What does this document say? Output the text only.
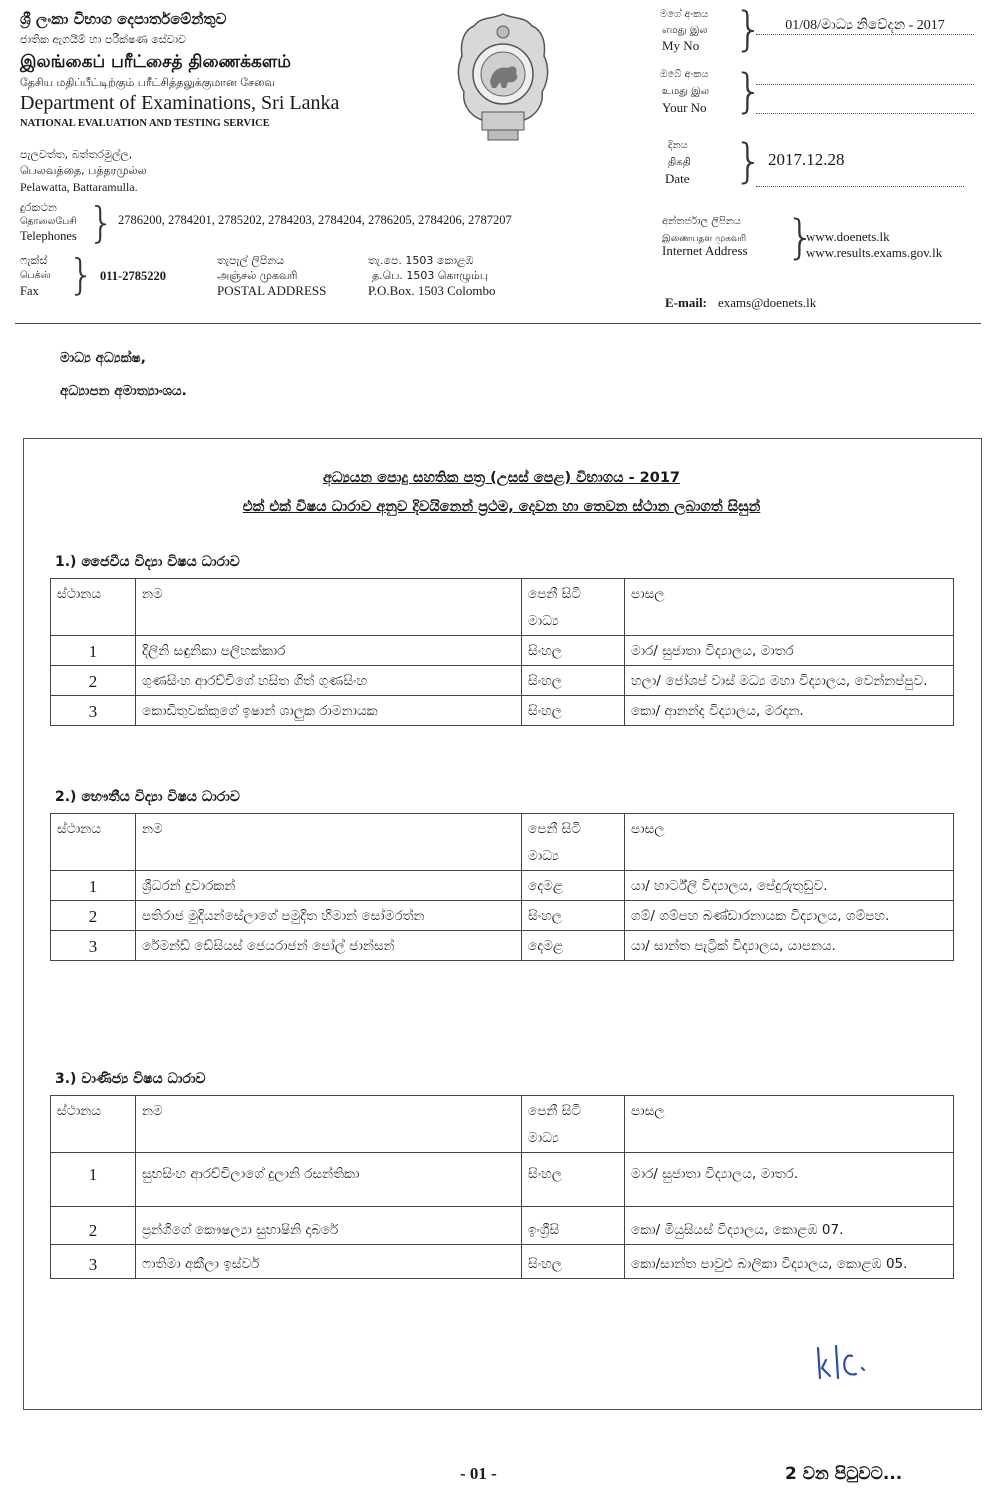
ශ්‍රී ලංකා විභාග දෙපාර්තමේන්තුව
ජාතික ඇගයීම් හා පරීක්ෂණ සේවාව
இலங்கைப் பரீட்சைத் திணைக்களம்
தேசிய மதிப்பீட்டிற்கும் பரீட்சித்தலுக்குமான சேவை
Department of Examinations, Sri Lanka
NATIONAL EVALUATION AND TESTING SERVICE
පැලවත්ත, බත්තරමුල්ල,
பெலவத்தை, பத்தரமுல்ல
Pelawatta, Battaramulla.
දුරකථන
தொலைபேசி
Telephones } 2786200, 2784201, 2785202, 2784203, 2784204, 2786205, 2784206, 2787207
ෆැක්ස්
பெக்ஸ்
Fax } 011-2785220
තැපැල් ලිපිනය
அஞ்சல் முகவரி
POSTAL ADDRESS
තැ.පෙ. 1503 කොළඹ
த.பெ. 1503 கொழும்பு
P.O.Box. 1503 Colombo
මගේ අංකය
எமது இல
My No }	01/08/මාධ්‍ය නිවේදන - 2017
ඔබේ අංකය
உமது இல
Your No }
දිනය
திகதி
Date } 2017.12.28
අන්තර්ජාල ලිපිනය
இணையதள முகவரி
Internet Address }
www.doenets.lk
www.results.exams.gov.lk
E-mail: exams@doenets.lk
මාධ්‍ය අධ්‍යක්ෂ,
අධ්‍යාපන අමාත්‍යාංශය.
අධ්‍යයන පොදු සහතික පත්‍ර (උසස් පෙළ) විභාගය - 2017
එක් එක් විෂය ධාරාව අනුව දිවයිනෙන් ප්‍රථම, දෙවන හා තෙවන ස්ථාන ලබාගත් සිසුන්
1.) ජෛවීය විද්‍යා විෂය ධාරාව
ස්ථානය	නම	පෙනී සිටි
මාධ්‍ය	පාසල
1	දිලිනි සඳුනිකා පලිහක්කාර	සිංහල	මාර/ සුජාතා විද්‍යාලය, මාතර
2	ගුණසිංහ ආරච්චිගේ හසිත ගිත් ගුණසිංහ	සිංහල	හලා/ ජෝශප් වාස් මධ්‍ය මහා විද්‍යාලය, වෙන්නප්පුව.
3	කොඩිතුවක්කුගේ ඉෂාන් ශාලුක රාමනායක	සිංහල	කො/ ආනන්ද විද්‍යාලය, මරදාන.
2.) භෞතීය විද්‍යා විෂය ධාරාව
ස්ථානය	නම	පෙනී සිටි
මාධ්‍ය	පාසල
1	ශ්‍රීධරන් දුවාරකන්	දෙමළ	යා/ හාර්ට්ලි විද්‍යාලය, පේදුරුතුඩුව.
2	පතිරාජ මුදියන්සේලාගේ පමුදිත හිමාන් සෝමරත්න	සිංහල	ගම්/ ගම්පහ බණ්ඩාරනායක විද්‍යාලය, ගම්පහ.
3	රේමන්ඩ් ඩේසියස් ජෙයරාජන් පෝල් ජාන්සන්	දෙමළ	යා/ සාන්ත පැට්‍රික් විද්‍යාලය, යාපනය.
3.) වාණිජ්‍ය විෂය ධාරාව
ස්ථානය	නම	පෙනී සිටි
මාධ්‍ය	පාසල
1	සුභසිංහ ආරච්චිලාගේ දුලානි රසන්තිකා	සිංහල	මාර/ සුජාතා විද්‍යාලය, මාතර.
2	ප්‍රන්ගිගේ කෞෂල්‍යා සුභාෂිනි දාබරේ	ඉංග්‍රීසි	කො/ මියුසියස් විද්‍යාලය, කොළඹ 07.
3	ෆාතිමා අකීලා ඉස්වර්	සිංහල	කො/සාන්ත පාවුළු බාලිකා විද්‍යාලය, කොළඹ 05.
- 01 -	2 වන පිටුවට...
